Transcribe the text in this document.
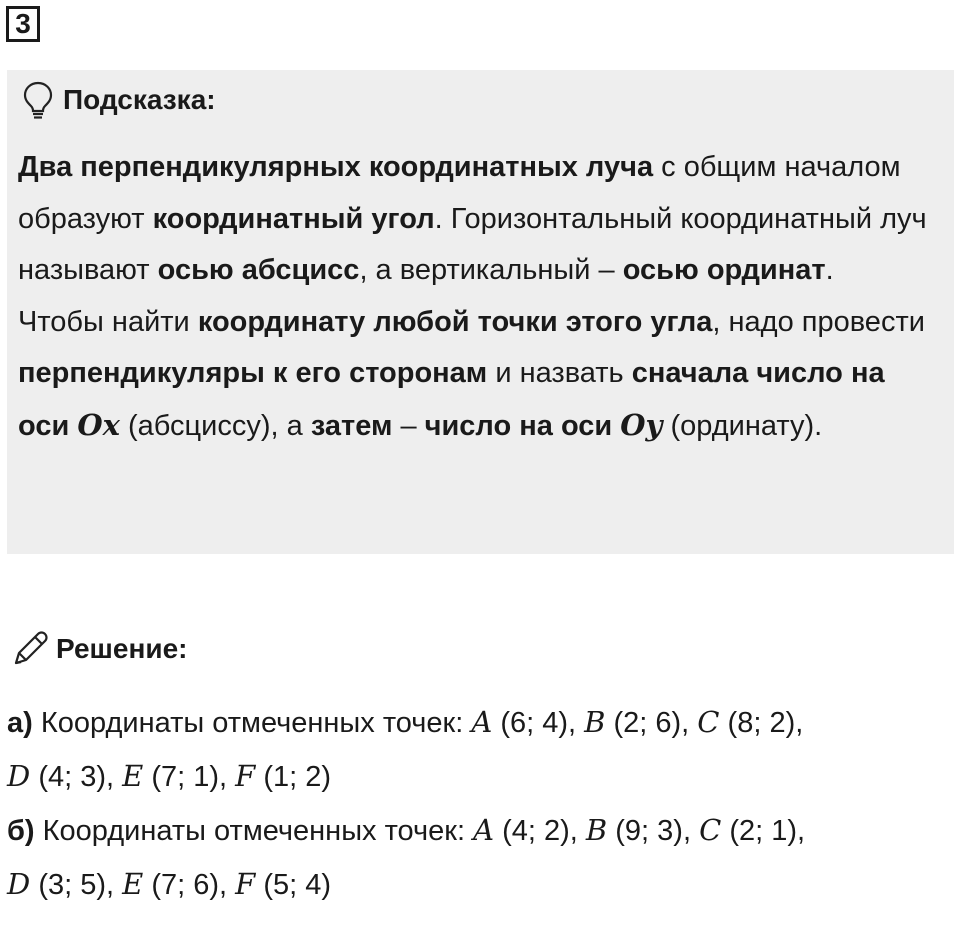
3
Подсказка:

Два перпендикулярных координатных луча с общим началом образуют координатный угол. Горизонтальный координатный луч называют осью абсцисс, а вертикальный – осью ординат.

Чтобы найти координату любой точки этого угла, надо провести перпендикуляры к его сторонам и назвать сначала число на оси Ox (абсциссу), а затем – число на оси Oy (ординату).

Решение:
а) Координаты отмеченных точек: A (6; 4), B (2; 6), C (8; 2),
D (4; 3), E (7; 1), F (1; 2)
б) Координаты отмеченных точек: A (4; 2), B (9; 3), C (2; 1),
D (3; 5), E (7; 6), F (5; 4)
